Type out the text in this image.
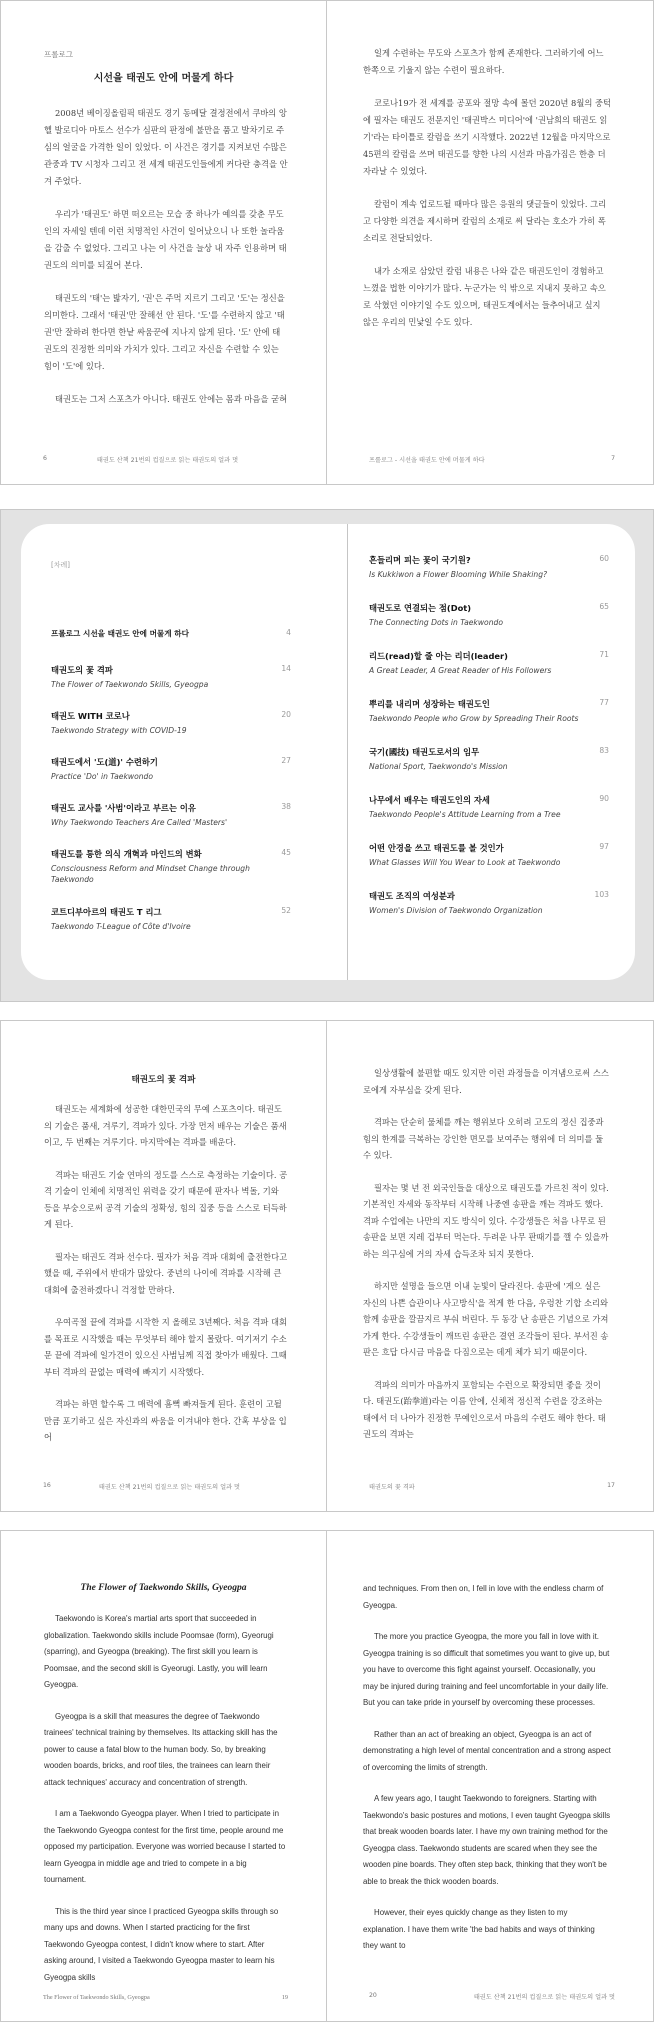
프롤로그
시선을 태권도 안에 머물게 하다

2008년 베이징올림픽 태권도 경기 동메달 결정전에서 쿠바의 앙헬 발로디아 마토스 선수가 심판의 판정에 불만을 품고 발차기로 주심의 얼굴을 가격한 일이 있었다. 이 사건은 경기를 지켜보던 수많은 관중과 TV 시청자 그리고 전 세계 태권도인들에게 커다란 충격을 안겨 주었다.

우리가 '태권도' 하면 떠오르는 모습 중 하나가 예의를 갖춘 무도인의 자세일 텐데 이런 치명적인 사건이 일어났으니 나 또한 놀라움을 감출 수 없었다. 그리고 나는 이 사건을 늘상 내 자주 인용하며 태권도의 의미를 되짚어 본다.

태권도의 '태'는 밟자기, '권'은 주먹 지르기 그리고 '도'는 정신을 의미한다. 그래서 '태권'만 잘해선 안 된다. '도'를 수련하지 않고 '태권'만 잘하려 한다면 한낱 싸움꾼에 지나지 않게 된다. '도' 안에 태권도의 진정한 의미와 가치가 있다. 그리고 자신을 수련할 수 있는 힘이 '도'에 있다.

태권도는 그저 스포츠가 아니다. 태권도 안에는 몸과 마음을 굳혀

6	태권도 산책 21번의 컵질으로 읽는 태권도의 얼과 멋

일게 수련하는 무도와 스포츠가 함께 존재한다. 그러하기에 어느 한쪽으로 기울지 않는 수련이 필요하다.

코로나19가 전 세계를 공포와 절망 속에 몰던 2020년 8월의 중턱에 필자는 태권도 전문지인 '태권박스 미디어'에 '권남희의 태권도 읽기'라는 타이틀로 칼럼을 쓰기 시작했다. 2022년 12월을 마지막으로 45편의 칼럼을 쓰며 태권도를 향한 나의 시선과 마음가짐은 한층 더 자라날 수 있었다.

칼럼이 계속 업로드될 때마다 많은 응원의 댓글들이 있었다. 그리고 다양한 의견을 제시하며 칼럼의 소재로 써 달라는 호소가 가히 폭소리로 전달되었다.

내가 소재로 삼았던 칼럼 내용은 나와 같은 태권도인이 경험하고 느꼈을 법한 이야기가 많다. 누군가는 익 밖으로 지내지 못하고 속으로 삭혔던 이야기일 수도 있으며, 태권도계에서는 들추어내고 싶지 않은 우리의 민낯일 수도 있다.

프롤로그 - 시선을 태권도 안에 머물게 하다	7
[차례]
프롤로그 시선을 태권도 안에 머물게 하다	4
태권도의 꽃 격파
The Flower of Taekwondo Skills, Gyeogpa
14
태권도 WITH 코로나
Taekwondo Strategy with COVID-19
20
태권도에서 '도(道)' 수련하기
Practice 'Do' in Taekwondo
27
태권도 교사를 '사범'이라고 부르는 이유
Why Taekwondo Teachers Are Called 'Masters'
38
태권도를 통한 의식 개혁과 마인드의 변화
Consciousness Reform and Mindset Change through Taekwondo
45
코트디부아르의 태권도 T 리그
Taekwondo T-League of Côte d'Ivoire
52
흔들리며 피는 꽃이 국기원?
Is Kukkiwon a Flower Blooming While Shaking?
60
태권도로 연결되는 점(Dot)
The Connecting Dots in Taekwondo
65
리드(read)할 줄 아는 리더(leader)
A Great Leader, A Great Reader of His Followers
71
뿌리를 내리며 성장하는 태권도인
Taekwondo People who Grow by Spreading Their Roots
77
국기(國技) 태권도로서의 임무
National Sport, Taekwondo's Mission
83
나무에서 배우는 태권도인의 자세
Taekwondo People's Attitude Learning from a Tree
90
어떤 안경을 쓰고 태권도를 볼 것인가
What Glasses Will You Wear to Look at Taekwondo
97
태권도 조직의 여성분과
Women's Division of Taekwondo Organization
103
태권도의 꽃 격파

태권도는 세계화에 성공한 대한민국의 무예 스포츠이다. 태권도의 기술은 품새, 겨루기, 격파가 있다. 가장 먼저 배우는 기술은 품새이고, 두 번째는 겨루기다. 마지막에는 격파를 배운다.

격파는 태권도 기술 연마의 정도를 스스로 측정하는 기술이다. 공격 기술이 인체에 치명적인 위력을 갖기 때문에 판자나 벽돌, 기와 등을 부숭으로써 공격 기술의 정확성, 힘의 집중 등을 스스로 터득하게 된다.

필자는 태권도 격파 선수다. 필자가 처음 격파 대회에 출전한다고 했을 때, 주위에서 반대가 많았다. 중년의 나이에 격파를 시작해 큰 대회에 출전하겠다니 걱정할 만하다.

우여곡절 끝에 격파를 시작한 지 올해로 3년째다. 처음 격파 대회를 목표로 시작했을 때는 무엇부터 해야 할지 몰랐다. 여기저기 수소문 끝에 격파에 일가견이 있으신 사범님께 직접 찾아가 배웠다. 그때부터 격파의 끝없는 매력에 빠지기 시작했다.

격파는 하면 할수록 그 매력에 흠뻑 빠져들게 된다. 훈련이 고될 만큼 포기하고 싶은 자신과의 싸움을 이겨내야 한다. 간혹 부상을 입어

16	태권도 산책 21번의 컵질으로 읽는 태권도의 얼과 멋

일상생활에 불편할 때도 있지만 이런 과정들을 이겨냄으로써 스스로에게 자부심을 갖게 된다.

격파는 단순히 물체를 깨는 행위보다 오히려 고도의 정신 집중과 힘의 한계를 극복하는 강인한 면모를 보여주는 행위에 더 의미를 둘 수 있다.

필자는 몇 년 전 외국인들을 대상으로 태권도를 가르친 적이 있다. 기본적인 자세와 동작부터 시작해 나중엔 송판을 깨는 격파도 했다. 격파 수업에는 나만의 지도 방식이 있다. 수강생들은 처음 나무로 된 송판을 보면 지레 겁부터 먹는다. 두려운 나무 판때기를 깰 수 있을까 하는 의구심에 거의 자세 습득조차 되지 못한다.

하지만 설명을 들으면 이내 눈빛이 달라진다. 송판에 '게으 실은 자신의 나쁜 습관이나 사고방식'을 적게 한 다음, 우렁찬 기합 소리와 함께 송판을 깔끔지르 부숴 버린다. 두 동강 난 송판은 기념으로 가져가게 한다. 수강생들이 깨뜨린 송판은 결연 조각들이 된다. 부서진 송판은 흐답 다시금 마음을 다짐으로는 데게 체가 되기 때문이다.

격파의 의미가 마음까지 포함되는 수런으로 확장되면 좋을 것이다. 태권도(跆拳道)라는 이름 안에, 신체적 정신적 수련을 강조하는 태에서 더 나아가 진정한 무예인으로서 마음의 수련도 해야 한다. 태권도의 격파는

태권도의 꽃 격파	17
The Flower of Taekwondo Skills, Gyeogpa

Taekwondo is Korea's martial arts sport that succeeded in globalization. Taekwondo skills include Poomsae (form), Gyeorugi (sparring), and Gyeogpa (breaking). The first skill you learn is Poomsae, and the second skill is Gyeorugi. Lastly, you will learn Gyeogpa.

Gyeogpa is a skill that measures the degree of Taekwondo trainees' technical training by themselves. Its attacking skill has the power to cause a fatal blow to the human body. So, by breaking wooden boards, bricks, and roof tiles, the trainees can learn their attack techniques' accuracy and concentration of strength.

I am a Taekwondo Gyeogpa player. When I tried to participate in the Taekwondo Gyeogpa contest for the first time, people around me opposed my participation. Everyone was worried because I started to learn Gyeogpa in middle age and tried to compete in a big tournament.

This is the third year since I practiced Gyeogpa skills through so many ups and downs. When I started practicing for the first Taekwondo Gyeogpa contest, I didn't know where to start. After asking around, I visited a Taekwondo Gyeogpa master to learn his Gyeogpa skills

The Flower of Taekwondo Skills, Gyeogpa	19

and techniques. From then on, I fell in love with the endless charm of Gyeogpa.

The more you practice Gyeogpa, the more you fall in love with it. Gyeogpa training is so difficult that sometimes you want to give up, but you have to overcome this fight against yourself. Occasionally, you may be injured during training and feel uncomfortable in your daily life. But you can take pride in yourself by overcoming these processes.

Rather than an act of breaking an object, Gyeogpa is an act of demonstrating a high level of mental concentration and a strong aspect of overcoming the limits of strength.

A few years ago, I taught Taekwondo to foreigners. Starting with Taekwondo's basic postures and motions, I even taught Gyeogpa skills that break wooden boards later. I have my own training method for the Gyeogpa class. Taekwondo students are scared when they see the wooden pine boards. They often step back, thinking that they won't be able to break the thick wooden boards.

However, their eyes quickly change as they listen to my explanation. I have them write 'the bad habits and ways of thinking they want to

20	태권도 산책 21번의 컵질으로 읽는 태권도의 얼과 멋
